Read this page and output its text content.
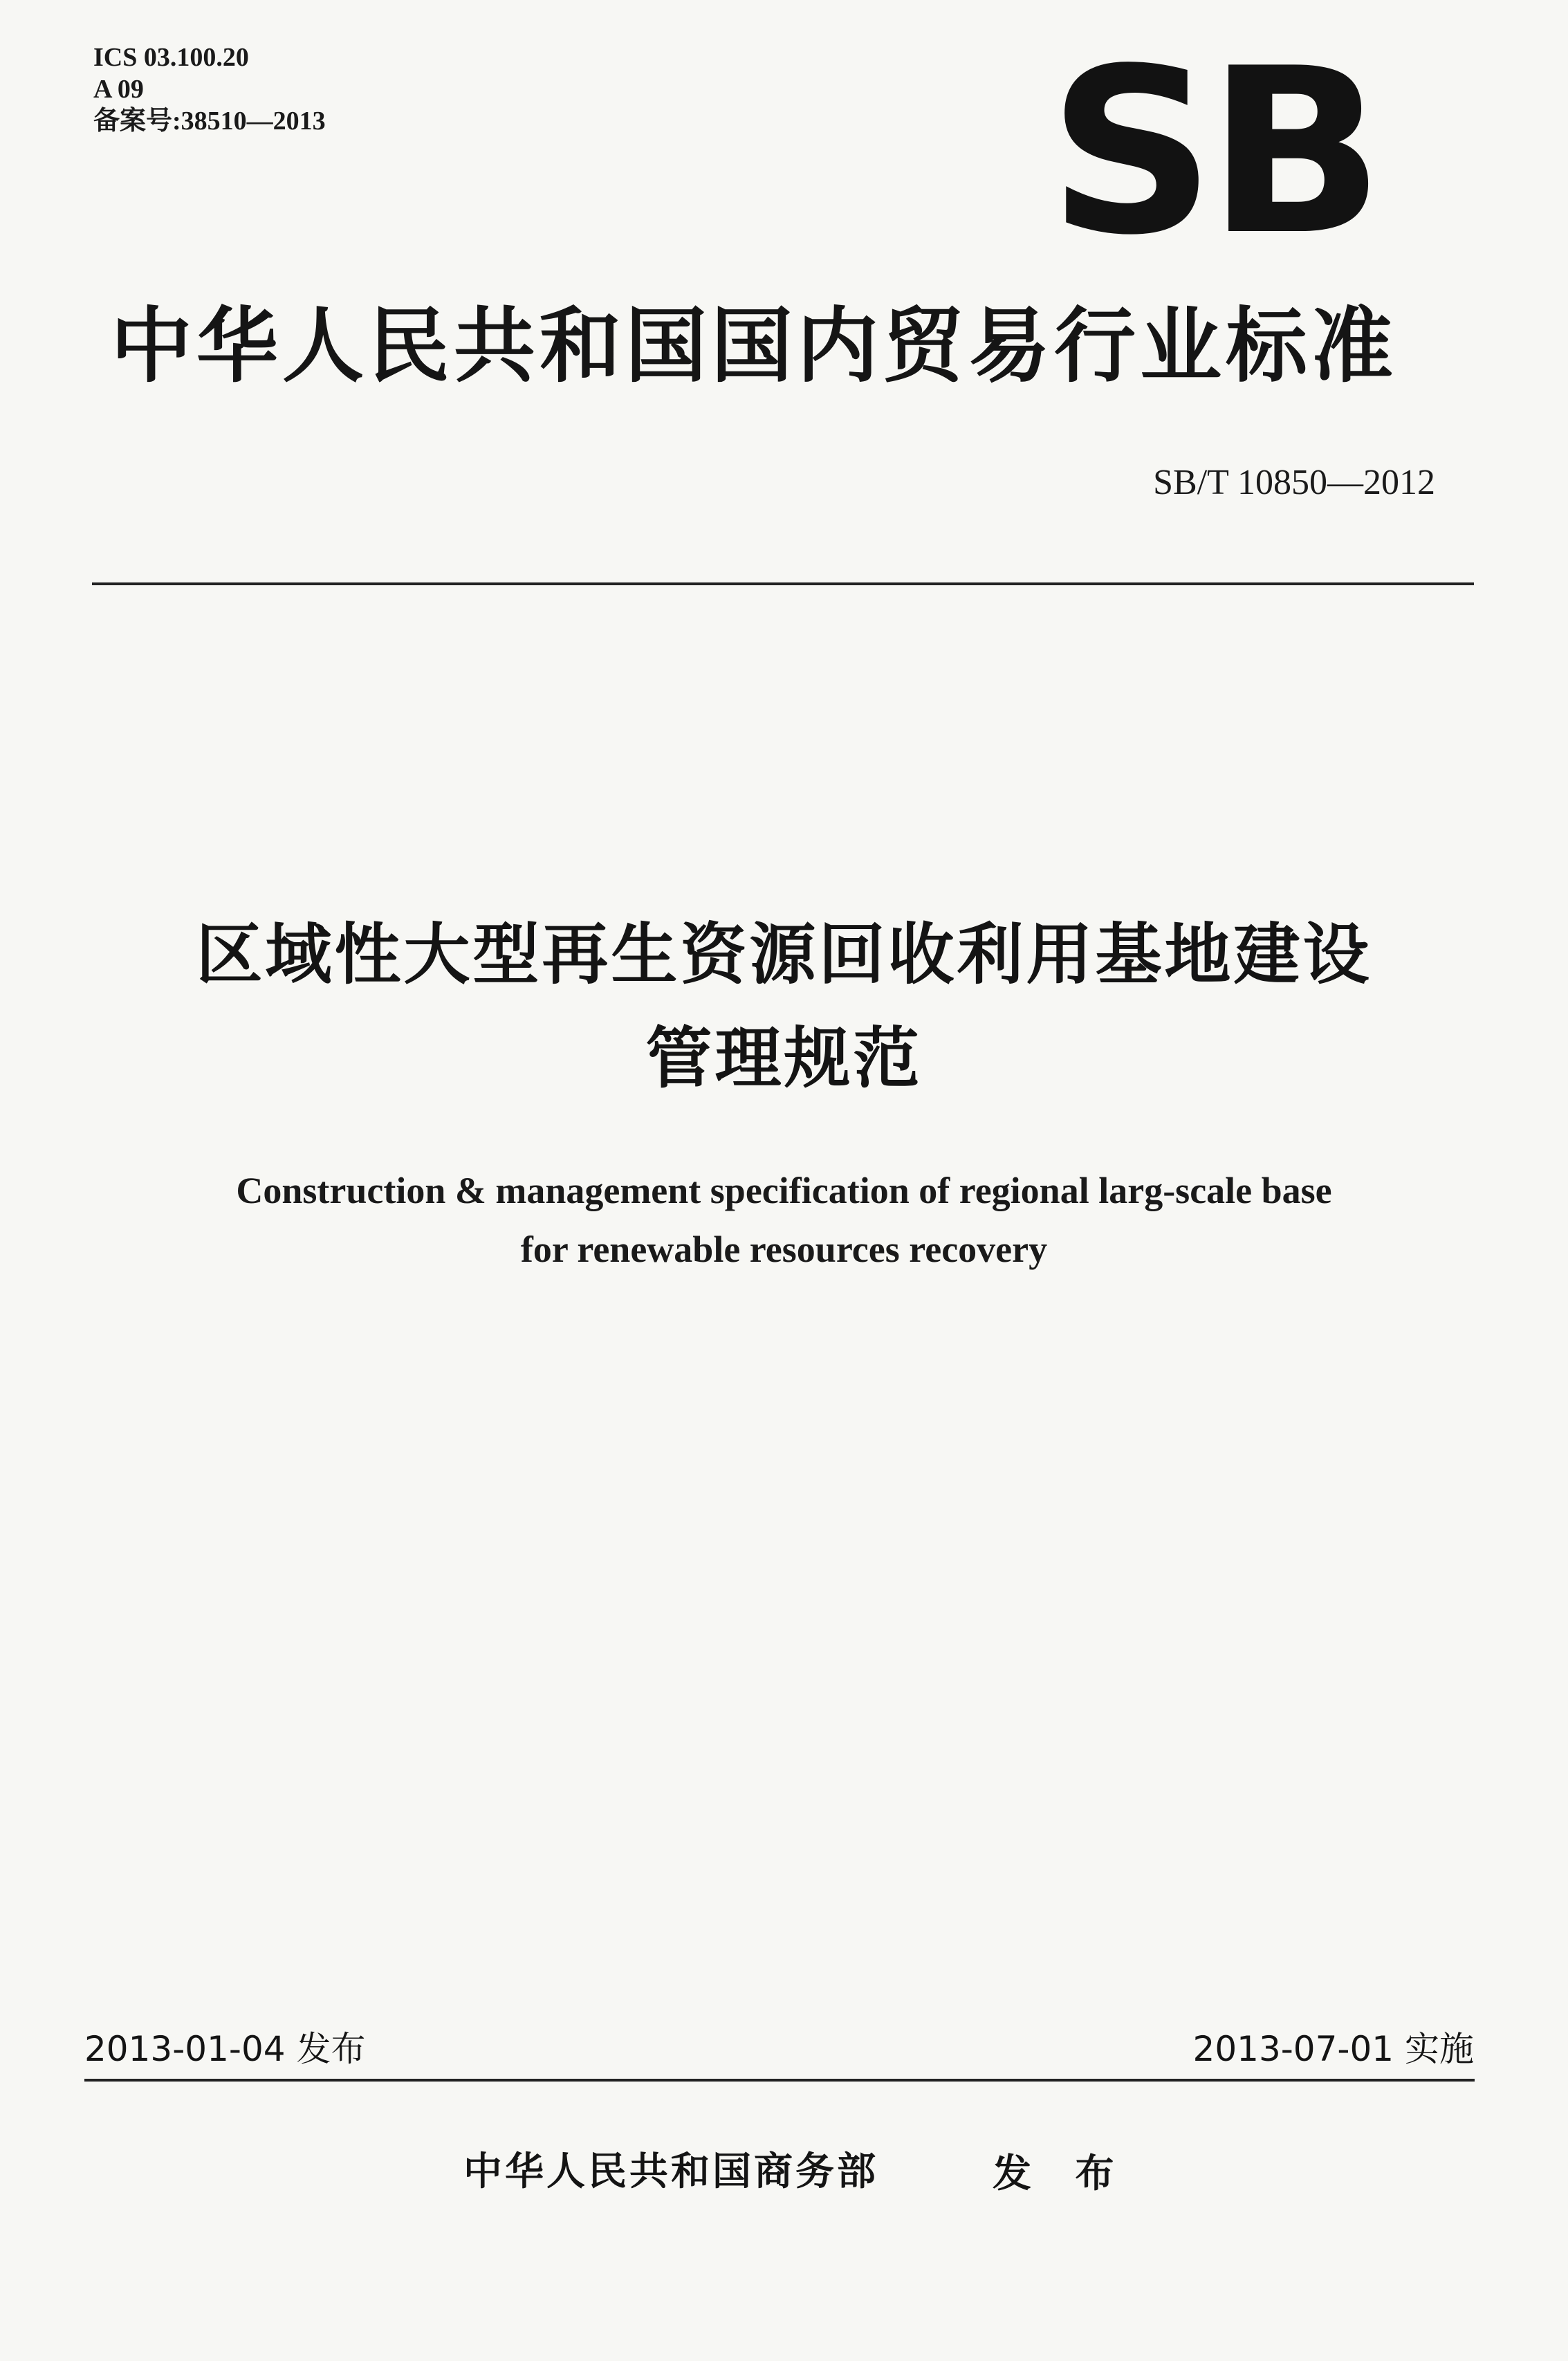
ICS 03.100.20
A 09
备案号:38510—2013	SB
中华人民共和国国内贸易行业标准
SB/T 10850—2012
区域性大型再生资源回收利用基地建设
管理规范
Construction & management specification of regional larg-scale base
for renewable resources recovery
2013-01-04 发布	2013-07-01 实施
中华人民共和国商务部	发 布
